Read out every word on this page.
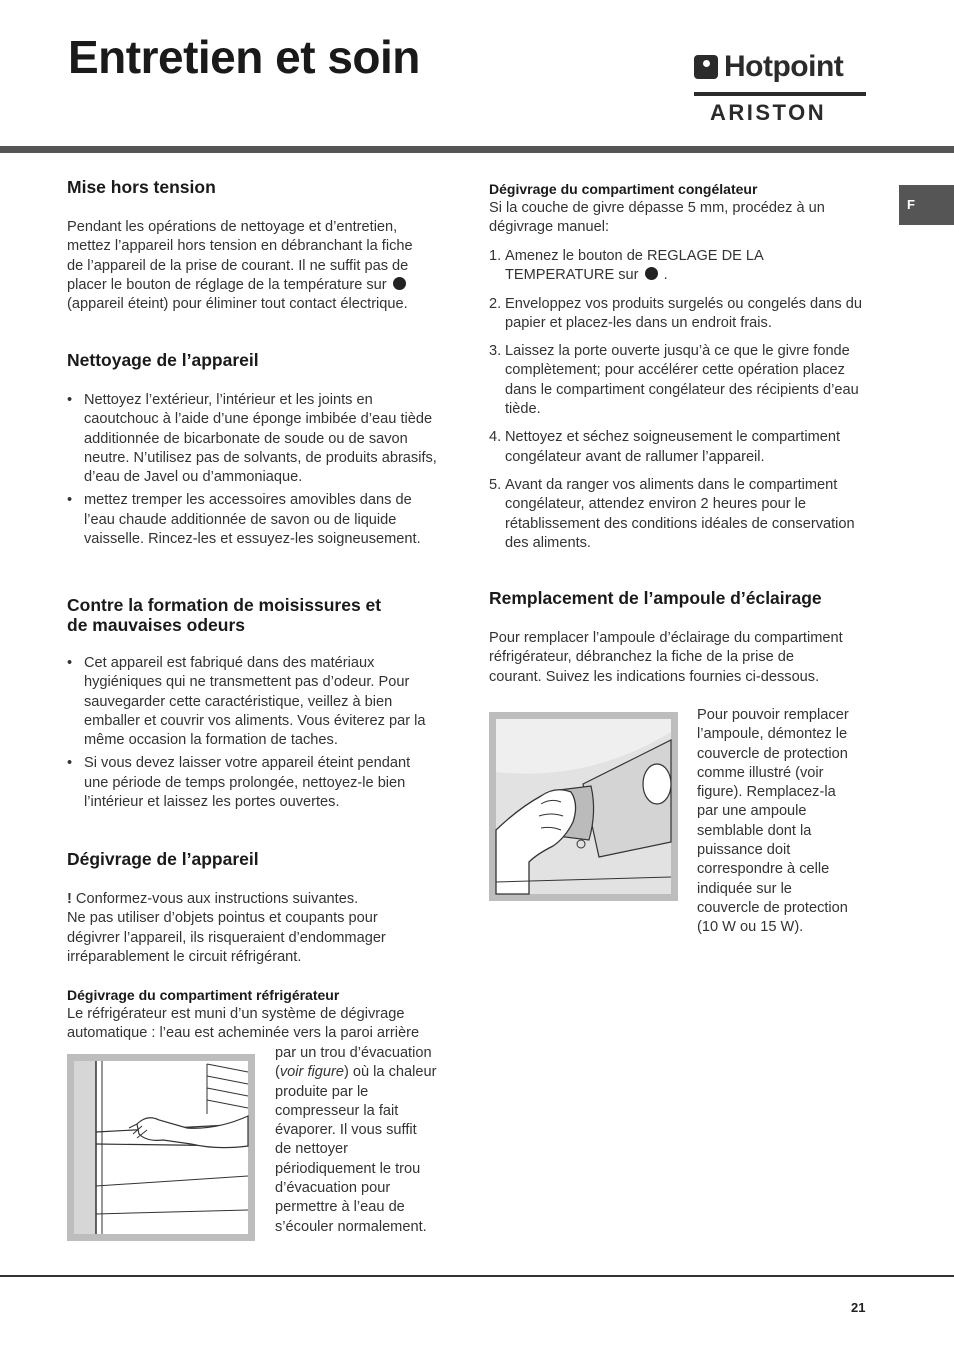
Entretien et soin	Hotpoint
ARISTON
F
Mise hors tension
Pendant les opérations de nettoyage et d’entretien,
mettez l’appareil hors tension en débranchant la fiche
de l’appareil de la prise de courant. Il ne suffit pas de
placer le bouton de réglage de la température sur
(appareil éteint) pour éliminer tout contact électrique.
Nettoyage de l’appareil
• Nettoyez l’extérieur, l’intérieur et les joints en caoutchouc à l’aide d’une éponge imbibée d’eau tiède additionnée de bicarbonate de soude ou de savon neutre. N’utilisez pas de solvants, de produits abrasifs, d’eau de Javel ou d’ammoniaque.
• mettez tremper les accessoires amovibles dans de l’eau chaude additionnée de savon ou de liquide vaisselle. Rincez-les et essuyez-les soigneusement.
Contre la formation de moisissures et
de mauvaises odeurs
• Cet appareil est fabriqué dans des matériaux hygiéniques qui ne transmettent pas d’odeur. Pour sauvegarder cette caractéristique, veillez à bien emballer et couvrir vos aliments. Vous éviterez par la même occasion la formation de taches.
• Si vous devez laisser votre appareil éteint pendant une période de temps prolongée, nettoyez-le bien l’intérieur et laissez les portes ouvertes.
Dégivrage de l’appareil
! Conformez-vous aux instructions suivantes.
Ne pas utiliser d’objets pointus et coupants pour
dégivrer l’appareil, ils risqueraient d’endommager
irréparablement le circuit réfrigérant.
Dégivrage du compartiment réfrigérateur
Le réfrigérateur est muni d’un système de dégivrage
automatique : l’eau est acheminée vers la paroi arrière
par un trou d’évacuation
(voir figure) où la chaleur
produite par le
compresseur la fait
évaporer. Il vous suffit
de nettoyer
périodiquement le trou
d’évacuation pour
permettre à l’eau de
s’écouler normalement.
Dégivrage du compartiment congélateur
Si la couche de givre dépasse 5 mm, procédez à un
dégivrage manuel:
1. Amenez le bouton de REGLAGE DE LA
TEMPERATURE sur  .
2. Enveloppez vos produits surgelés ou congelés dans du papier et placez-les dans un endroit frais.
3. Laissez la porte ouverte jusqu’à ce que le givre fonde complètement; pour accélérer cette opération placez dans le compartiment congélateur des récipients d’eau tiède.
4. Nettoyez et séchez soigneusement le compartiment congélateur avant de rallumer l’appareil.
5. Avant da ranger vos aliments dans le compartiment congélateur, attendez environ 2 heures pour le rétablissement des conditions idéales de conservation des aliments.
Remplacement de l’ampoule d’éclairage
Pour remplacer l’ampoule d’éclairage du compartiment
réfrigérateur, débranchez la fiche de la prise de
courant. Suivez les indications fournies ci-dessous.
Pour pouvoir remplacer
l’ampoule, démontez le
couvercle de protection
comme illustré (voir
figure). Remplacez-la
par une ampoule
semblable dont la
puissance doit
correspondre à celle
indiquée sur le
couvercle de protection
(10 W ou 15 W).
21
